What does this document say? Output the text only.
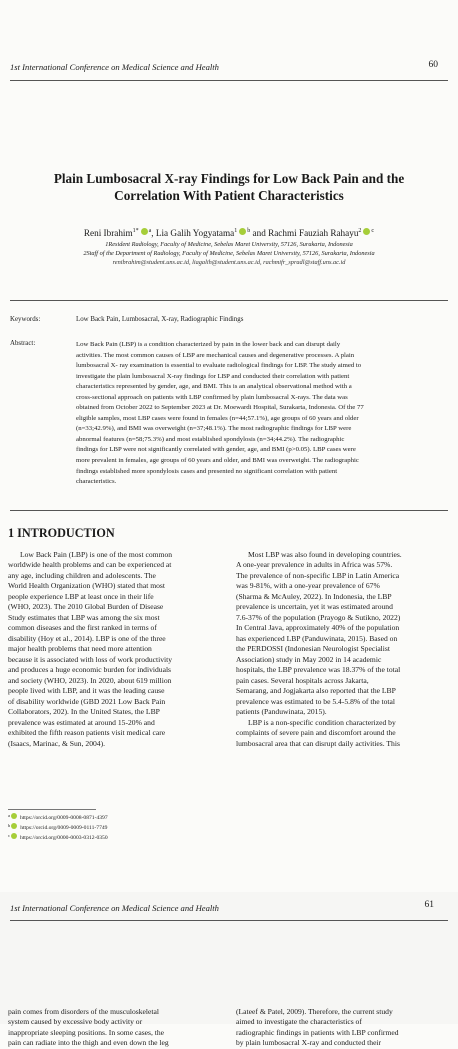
1st International Conference on Medical Science and Health	60
Plain Lumbosacral X-ray Findings for Low Back Pain and the
Correlation With Patient Characteristics
Reni Ibrahim$^{1*}$ $^a$, Lia Galih Yogyatama$^1$ $^b$ and Rachmi Fauziah Rahayu$^2$ $^c$
1Resident Radiology, Faculty of Medicine, Sebelas Maret University, 57126, Surakarta, Indonesia
2Staff of the Department of Radiology, Faculty of Medicine, Sebelas Maret University, 57126, Surakarta, Indonesia
renibrahim@student.uns.ac.id, liagalih@student.uns.ac.id, rachmifr_spradl@staff.uns.ac.id
Keywords:	Low Back Pain, Lumbosacral, X-ray, Radiographic Findings
Abstract:	Low Back Pain (LBP) is a condition characterized by pain in the lower back and can disrupt daily
activities. The most common causes of LBP are mechanical causes and degenerative processes. A plain
lumbosacral X- ray examination is essential to evaluate radiological findings for LBP. The study aimed to
investigate the plain lumbosacral X-ray findings for LBP and conducted their correlation with patient
characteristics represented by gender, age, and BMI. This is an analytical observational method with a
cross-sectional approach on patients with LBP confirmed by plain lumbosacral X-rays. The data was
obtained from October 2022 to September 2023 at Dr. Moewardi Hospital, Surakarta, Indonesia. Of the 77
eligible samples, most LBP cases were found in females (n=44;57.1%), age groups of 60 years and older
(n=33;42.9%), and BMI was overweight (n=37;48.1%). The most radiographic findings for LBP were
abnormal features (n=58;75.3%) and most established spondylosis (n=34;44.2%). The radiographic
findings for LBP were not significantly correlated with gender, age, and BMI (p>0.05). LBP cases were
more prevalent in females, age groups of 60 years and older, and BMI was overweight. The radiographic
findings established more spondylosis cases and presented no significant correlation with patient
characteristics.
1 INTRODUCTION
Low Back Pain (LBP) is one of the most common
worldwide health problems and can be experienced at
any age, including children and adolescents. The
World Health Organization (WHO) stated that most
people experience LBP at least once in their life
(WHO, 2023). The 2010 Global Burden of Disease
Study estimates that LBP was among the six most
common diseases and the first ranked in terms of
disability (Hoy et al., 2014). LBP is one of the three
major health problems that need more attention
because it is associated with loss of work productivity
and produces a huge economic burden for individuals
and society (WHO, 2023). In 2020, about 619 million
people lived with LBP, and it was the leading cause
of disability worldwide (GBD 2021 Low Back Pain
Collaborators, 202). In the United States, the LBP
prevalence was estimated at around 15-20% and
exhibited the fifth reason patients visit medical care
(Isaacs, Marinac, & Sun, 2004).
Most LBP was also found in developing countries.
A one-year prevalence in adults in Africa was 57%.
The prevalence of non-specific LBP in Latin America
was 9-81%, with a one-year prevalence of 67%
(Sharma & McAuley, 2022). In Indonesia, the LBP
prevalence is uncertain, yet it was estimated around
7.6-37% of the population (Prayogo & Sutikno, 2022)
In Central Java, approximately 40% of the population
has experienced LBP (Panduwinata, 2015). Based on
the PERDOSSI (Indonesian Neurologist Specialist
Association) study in May 2002 in 14 academic
hospitals, the LBP prevalence was 18.37% of the total
pain cases. Several hospitals across Jakarta,
Semarang, and Jogjakarta also reported that the LBP
prevalence was estimated to be 5.4-5.8% of the total
patients (Panduwinata, 2015).
LBP is a non-specific condition characterized by
complaints of severe pain and discomfort around the
lumbosacral area that can disrupt daily activities. This
$^a$ https://orcid.org/0009-0008-0871-4397
$^b$ https://orcid.org/0009-0009-0111-7749
$^c$ https://orcid.org/0000-0003-0312-0350
1st International Conference on Medical Science and Health	61
pain comes from disorders of the musculoskeletal
system caused by excessive body activity or
inappropriate sleeping positions. In some cases, the
pain can radiate into the thigh and even down the leg
(Lateef & Patel, 2009). Therefore, the current study
aimed to investigate the characteristics of
radiographic findings in patients with LBP confirmed
by plain lumbosacral X-ray and conducted their
